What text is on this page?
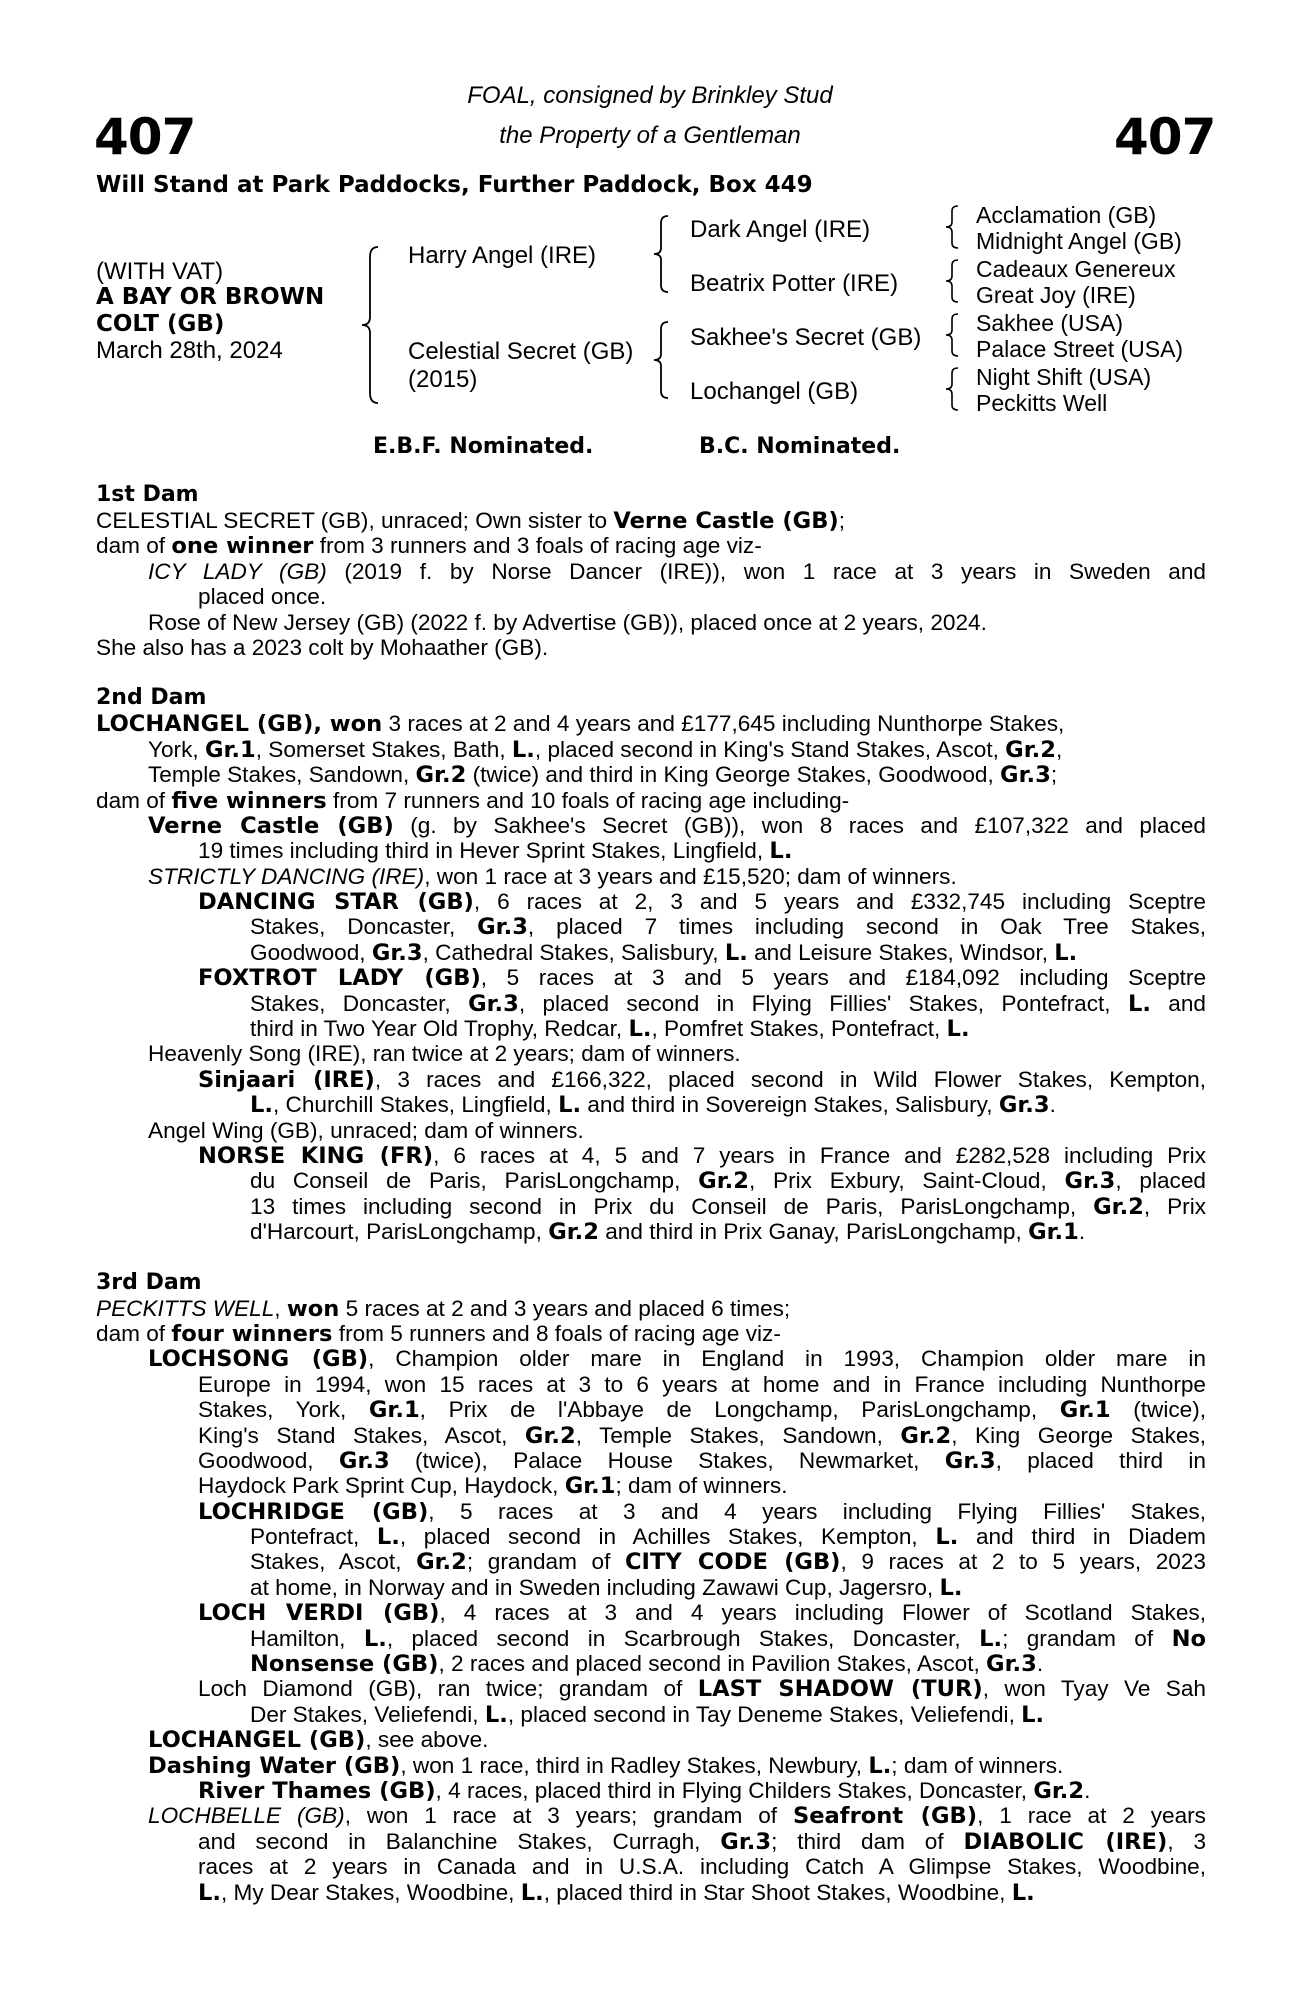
407	407
FOAL, consigned by Brinkley Stud
the Property of a Gentleman
Will Stand at Park Paddocks, Further Paddock, Box 449
(WITH VAT)
A BAY OR BROWN
COLT (GB)
March 28th, 2024
Harry Angel (IRE)
Celestial Secret (GB)
(2015)
Dark Angel (IRE)
Beatrix Potter (IRE)
Sakhee's Secret (GB)
Lochangel (GB)
Acclamation (GB)
Midnight Angel (GB)
Cadeaux Genereux
Great Joy (IRE)
Sakhee (USA)
Palace Street (USA)
Night Shift (USA)
Peckitts Well
E.B.F. Nominated.	B.C. Nominated.
1st Dam
CELESTIAL SECRET (GB), unraced; Own sister to Verne Castle (GB);
dam of one winner from 3 runners and 3 foals of racing age viz-
ICY LADY (GB) (2019 f. by Norse Dancer (IRE)), won 1 race at 3 years in Sweden and
placed once.
Rose of New Jersey (GB) (2022 f. by Advertise (GB)), placed once at 2 years, 2024.
She also has a 2023 colt by Mohaather (GB).
2nd Dam
LOCHANGEL (GB), won 3 races at 2 and 4 years and £177,645 including Nunthorpe Stakes,
York, Gr.1, Somerset Stakes, Bath, L., placed second in King's Stand Stakes, Ascot, Gr.2,
Temple Stakes, Sandown, Gr.2 (twice) and third in King George Stakes, Goodwood, Gr.3;
dam of five winners from 7 runners and 10 foals of racing age including-
Verne Castle (GB) (g. by Sakhee's Secret (GB)), won 8 races and £107,322 and placed
19 times including third in Hever Sprint Stakes, Lingfield, L.
STRICTLY DANCING (IRE), won 1 race at 3 years and £15,520; dam of winners.
DANCING STAR (GB), 6 races at 2, 3 and 5 years and £332,745 including Sceptre
Stakes, Doncaster, Gr.3, placed 7 times including second in Oak Tree Stakes,
Goodwood, Gr.3, Cathedral Stakes, Salisbury, L. and Leisure Stakes, Windsor, L.
FOXTROT LADY (GB), 5 races at 3 and 5 years and £184,092 including Sceptre
Stakes, Doncaster, Gr.3, placed second in Flying Fillies' Stakes, Pontefract, L. and
third in Two Year Old Trophy, Redcar, L., Pomfret Stakes, Pontefract, L.
Heavenly Song (IRE), ran twice at 2 years; dam of winners.
Sinjaari (IRE), 3 races and £166,322, placed second in Wild Flower Stakes, Kempton,
L., Churchill Stakes, Lingfield, L. and third in Sovereign Stakes, Salisbury, Gr.3.
Angel Wing (GB), unraced; dam of winners.
NORSE KING (FR), 6 races at 4, 5 and 7 years in France and £282,528 including Prix
du Conseil de Paris, ParisLongchamp, Gr.2, Prix Exbury, Saint-Cloud, Gr.3, placed
13 times including second in Prix du Conseil de Paris, ParisLongchamp, Gr.2, Prix
d'Harcourt, ParisLongchamp, Gr.2 and third in Prix Ganay, ParisLongchamp, Gr.1.
3rd Dam
PECKITTS WELL, won 5 races at 2 and 3 years and placed 6 times;
dam of four winners from 5 runners and 8 foals of racing age viz-
LOCHSONG (GB), Champion older mare in England in 1993, Champion older mare in
Europe in 1994, won 15 races at 3 to 6 years at home and in France including Nunthorpe
Stakes, York, Gr.1, Prix de l'Abbaye de Longchamp, ParisLongchamp, Gr.1 (twice),
King's Stand Stakes, Ascot, Gr.2, Temple Stakes, Sandown, Gr.2, King George Stakes,
Goodwood, Gr.3 (twice), Palace House Stakes, Newmarket, Gr.3, placed third in
Haydock Park Sprint Cup, Haydock, Gr.1; dam of winners.
LOCHRIDGE (GB), 5 races at 3 and 4 years including Flying Fillies' Stakes,
Pontefract, L., placed second in Achilles Stakes, Kempton, L. and third in Diadem
Stakes, Ascot, Gr.2; grandam of CITY CODE (GB), 9 races at 2 to 5 years, 2023
at home, in Norway and in Sweden including Zawawi Cup, Jagersro, L.
LOCH VERDI (GB), 4 races at 3 and 4 years including Flower of Scotland Stakes,
Hamilton, L., placed second in Scarbrough Stakes, Doncaster, L.; grandam of No
Nonsense (GB), 2 races and placed second in Pavilion Stakes, Ascot, Gr.3.
Loch Diamond (GB), ran twice; grandam of LAST SHADOW (TUR), won Tyay Ve Sah
Der Stakes, Veliefendi, L., placed second in Tay Deneme Stakes, Veliefendi, L.
LOCHANGEL (GB), see above.
Dashing Water (GB), won 1 race, third in Radley Stakes, Newbury, L.; dam of winners.
River Thames (GB), 4 races, placed third in Flying Childers Stakes, Doncaster, Gr.2.
LOCHBELLE (GB), won 1 race at 3 years; grandam of Seafront (GB), 1 race at 2 years
and second in Balanchine Stakes, Curragh, Gr.3; third dam of DIABOLIC (IRE), 3
races at 2 years in Canada and in U.S.A. including Catch A Glimpse Stakes, Woodbine,
L., My Dear Stakes, Woodbine, L., placed third in Star Shoot Stakes, Woodbine, L.
